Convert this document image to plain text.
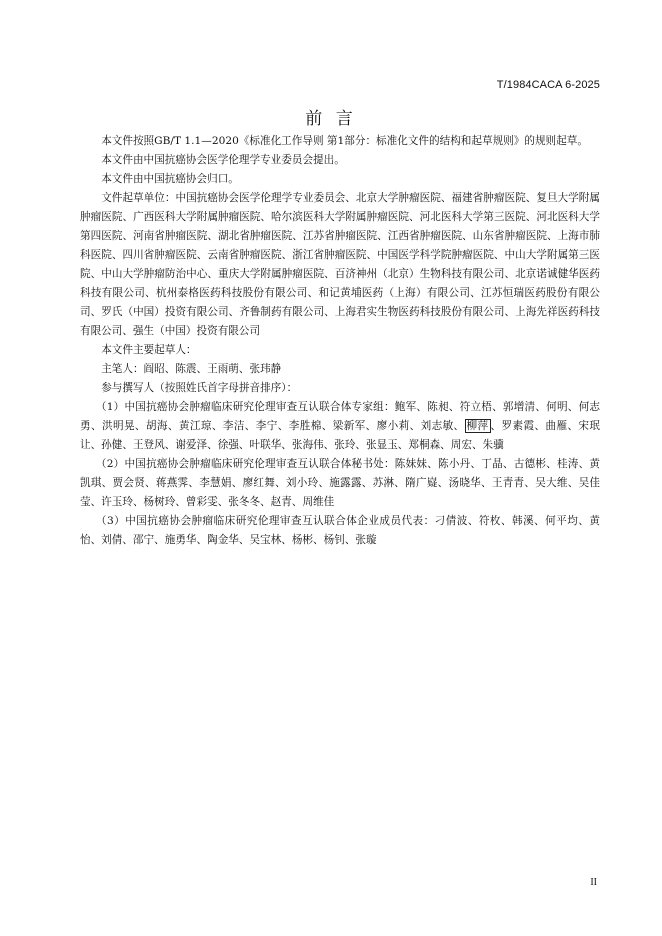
T/1984CACA 6-2025
前 言

本文件按照GB/T 1.1—2020《标准化工作导则 第1部分：标准化文件的结构和起草规则》的规则起草。

本文件由中国抗癌协会医学伦理学专业委员会提出。

本文件由中国抗癌协会归口。

文件起草单位：中国抗癌协会医学伦理学专业委员会、北京大学肿瘤医院、福建省肿瘤医院、复旦大学附属肿瘤医院、广西医科大学附属肿瘤医院、哈尔滨医科大学附属肿瘤医院、河北医科大学第三医院、河北医科大学第四医院、河南省肿瘤医院、湖北省肿瘤医院、江苏省肿瘤医院、江西省肿瘤医院、山东省肿瘤医院、上海市肺科医院、四川省肿瘤医院、云南省肿瘤医院、浙江省肿瘤医院、中国医学科学院肿瘤医院、中山大学附属第三医院、中山大学肿瘤防治中心、重庆大学附属肿瘤医院、百济神州（北京）生物科技有限公司、北京诺诚健华医药科技有限公司、杭州泰格医药科技股份有限公司、和记黄埔医药（上海）有限公司、江苏恒瑞医药股份有限公司、罗氏（中国）投资有限公司、齐鲁制药有限公司、上海君实生物医药科技股份有限公司、上海先祥医药科技有限公司、强生（中国）投资有限公司

本文件主要起草人：

主笔人：阎昭、陈震、王雨萌、张玮静

参与撰写人（按照姓氏首字母拼音排序）：

（1）中国抗癌协会肿瘤临床研究伦理审查互认联合体专家组：鲍军、陈昶、符立梧、郭增清、何明、何志勇、洪明晃、胡海、黄江琼、李洁、李宁、李胜棉、梁新军、廖小莉、刘志敏、 柳萍 、罗素霞、曲雁、宋珉让、孙健、王登风、谢爱泽、徐强、叶联华、张海伟、张玲、张显玉、郑桐森、周宏、朱骥

（2）中国抗癌协会肿瘤临床研究伦理审查互认联合体秘书处：陈妹妹、陈小丹、丁晶、古德彬、桂涛、黄凯琪、贾会贤、蒋燕霁、李慧娟、廖红舞、刘小玲、施露露、苏淋、隋广嶷、汤晓华、王青青、吴大维、吴佳莹、许玉玲、杨树玲、曾彩雯、张冬冬、赵青、周维佳

（3）中国抗癌协会肿瘤临床研究伦理审查互认联合体企业成员代表：刁倩波、符枚、韩溪、何平均、黄怡、刘倩、邵宁、施勇华、陶金华、吴宝林、杨彬、杨钊、张璇

II
